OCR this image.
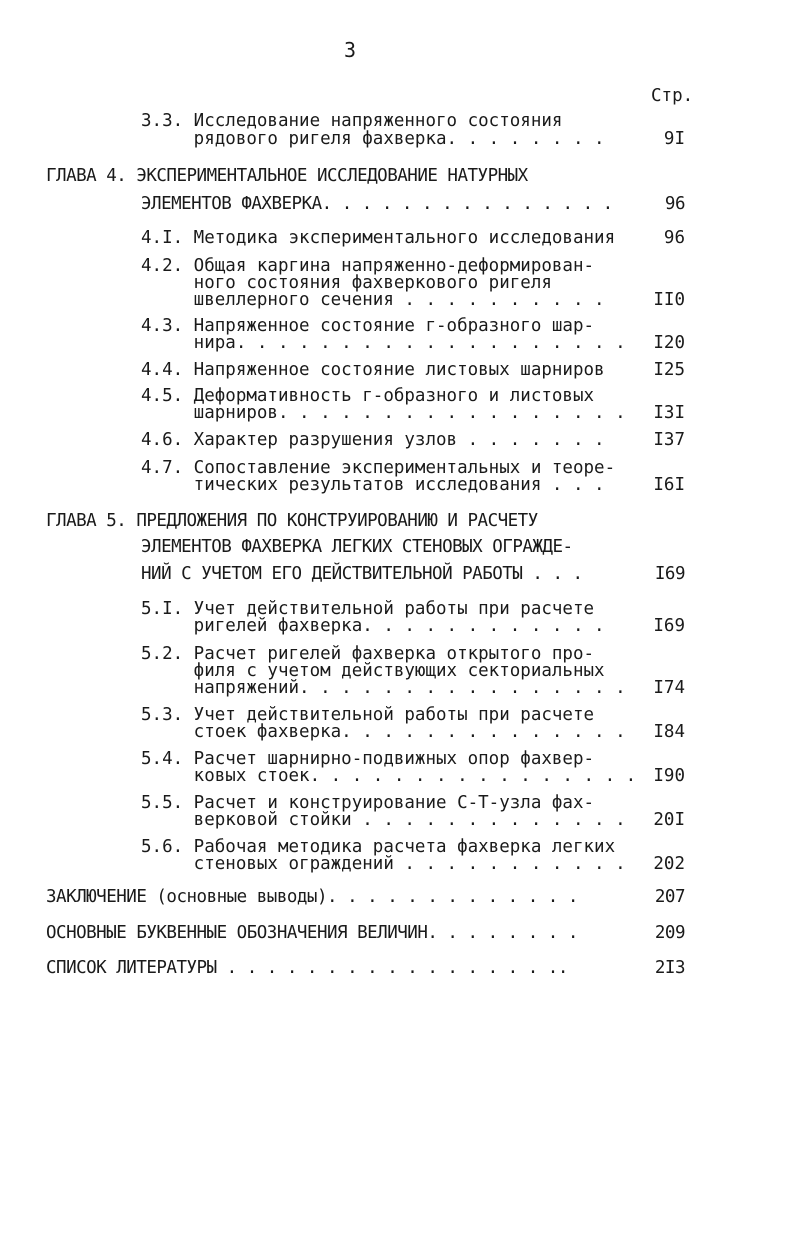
3
Стр.
3.3. Исследование напряженного состояния
рядового ригеля фахверка. . . . . . . .	9I
ГЛАВА 4. ЭКСПЕРИМЕНТАЛЬНОЕ ИССЛЕДОВАНИЕ НАТУРНЫХ
ЭЛЕМЕНТОВ ФАХВЕРКА. . . . . . . . . . . . . . .	96
4.I. Методика экспериментального исследования	96
4.2. Общая каргина напряженно-деформирован-
ного состояния фахверкового ригеля
швеллерного сечения . . . . . . . . . .	II0
4.3. Напряженное состояние г-образного шар-
нира. . . . . . . . . . . . . . . . . . . I20
4.4. Напряженное состояние листовых шарниров	I25
4.5. Деформативность г-образного и листовых
шарниров. . . . . . . . . . . . . . . . . I3I
4.6. Характер разрушения узлов . . . . . . .	I37
4.7. Сопоставление экспериментальных и теоре-
тических результатов исследования . . .	I6I
ГЛАВА 5. ПРЕДЛОЖЕНИЯ ПО КОНСТРУИРОВАНИЮ И РАСЧЕТУ
ЭЛЕМЕНТОВ ФАХВЕРКА ЛЕГКИХ СТЕНОВЫХ ОГРАЖДЕ-
НИЙ С УЧЕТОМ ЕГО ДЕЙСТВИТЕЛЬНОЙ РАБОТЫ . . .	I69
5.I. Учет действительной работы при расчете
ригелей фахверка. . . . . . . . . . . .	I69
5.2. Расчет ригелей фахверка открытого про-
филя с учетом действующих секториальных
напряжений. . . . . . . . . . . . . . . . I74
5.3. Учет действительной работы при расчете
стоек фахверка. . . . . . . . . . . . . . I84
5.4. Расчет шарнирно-подвижных опор фахвер-
ковых стоек. . . . . . . . . . . . . . . . I90
5.5. Расчет и конструирование С-Т-узла фах-
верковой стойки . . . . . . . . . . . . . 20I
5.6. Рабочая методика расчета фахверка легких
стеновых ограждений . . . . . . . . . . . 202
ЗАКЛЮЧЕНИЕ (основные выводы). . . . . . . . . . . . .	207
ОСНОВНЫЕ БУКВЕННЫЕ ОБОЗНАЧЕНИЯ ВЕЛИЧИН. . . . . . . .	209
СПИСОК ЛИТЕРАТУРЫ . . . . . . . . . . . . . . . . ..	2I3
